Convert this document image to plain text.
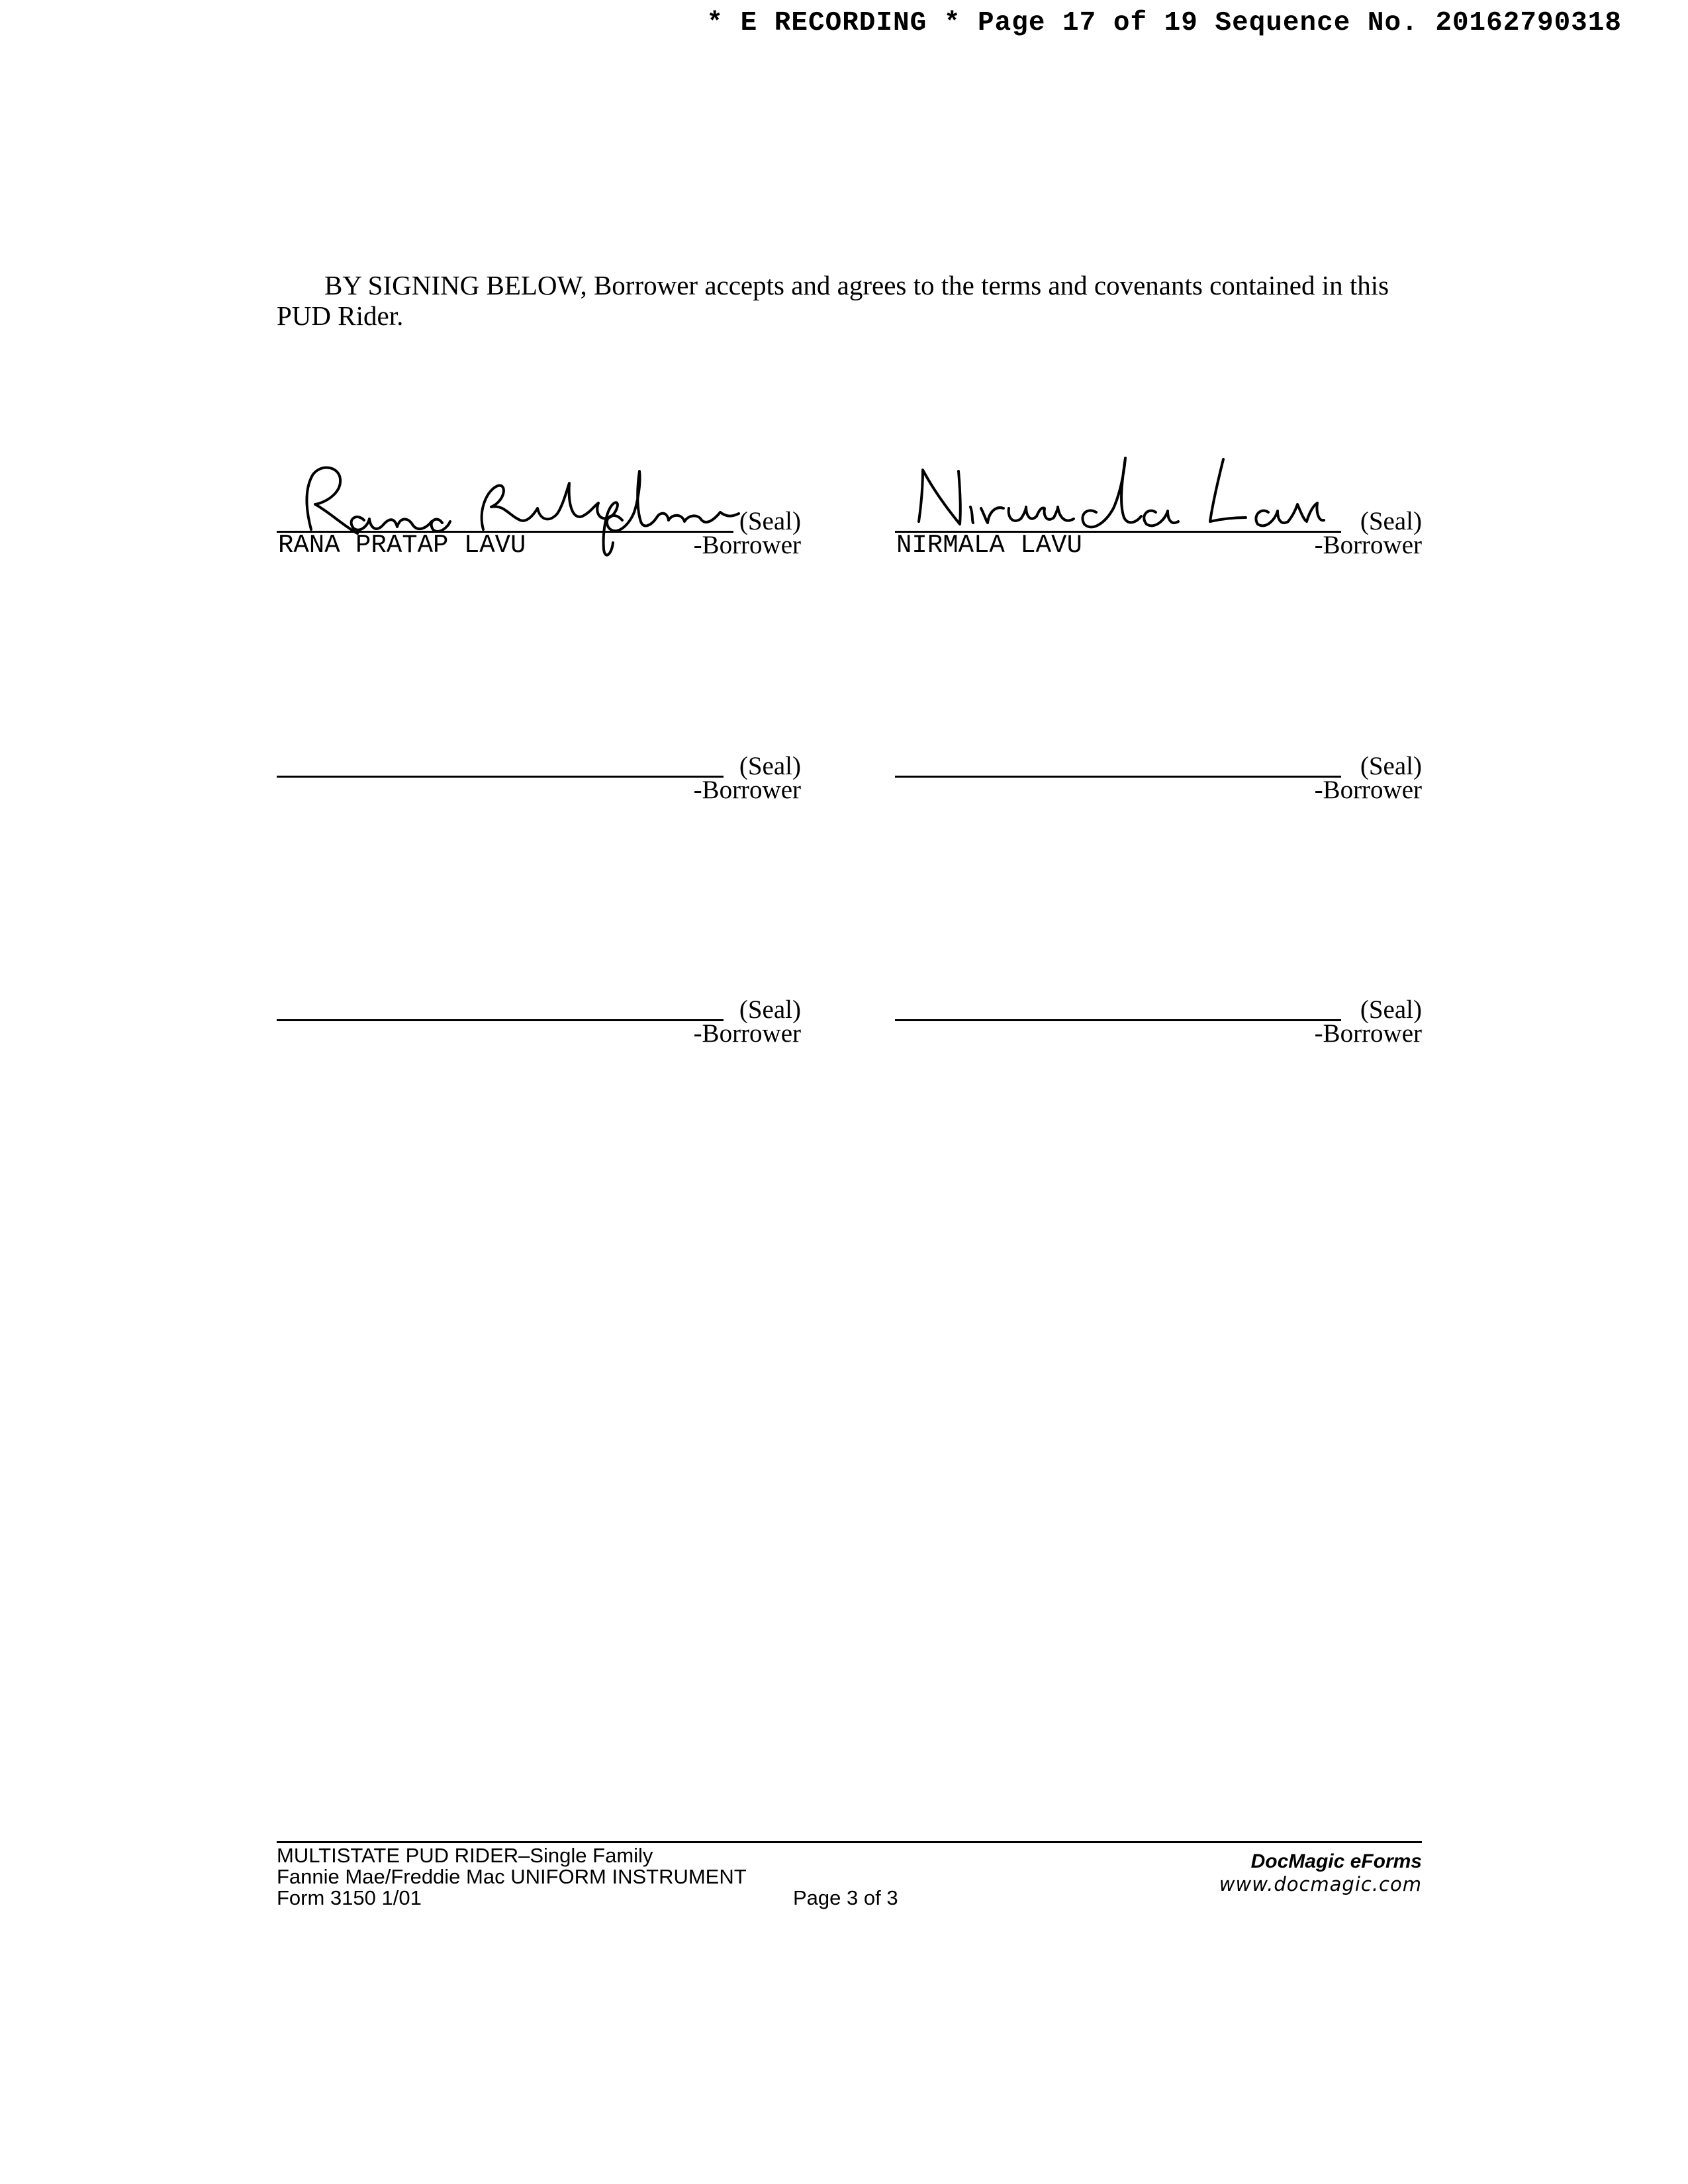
* E RECORDING * Page 17 of 19 Sequence No. 20162790318
BY SIGNING BELOW, Borrower accepts and agrees to the terms and covenants contained in this PUD Rider.
(Seal)
RANA PRATAP LAVU	-Borrower
(Seal)
NIRMALA LAVU	-Borrower
(Seal)
-Borrower
(Seal)
-Borrower
(Seal)
-Borrower
(Seal)
-Borrower
MULTISTATE PUD RIDER–Single Family
Fannie Mae/Freddie Mac UNIFORM INSTRUMENT
Form 3150 1/01	Page 3 of 3
DocMagic eForms
www.docmagic.com
